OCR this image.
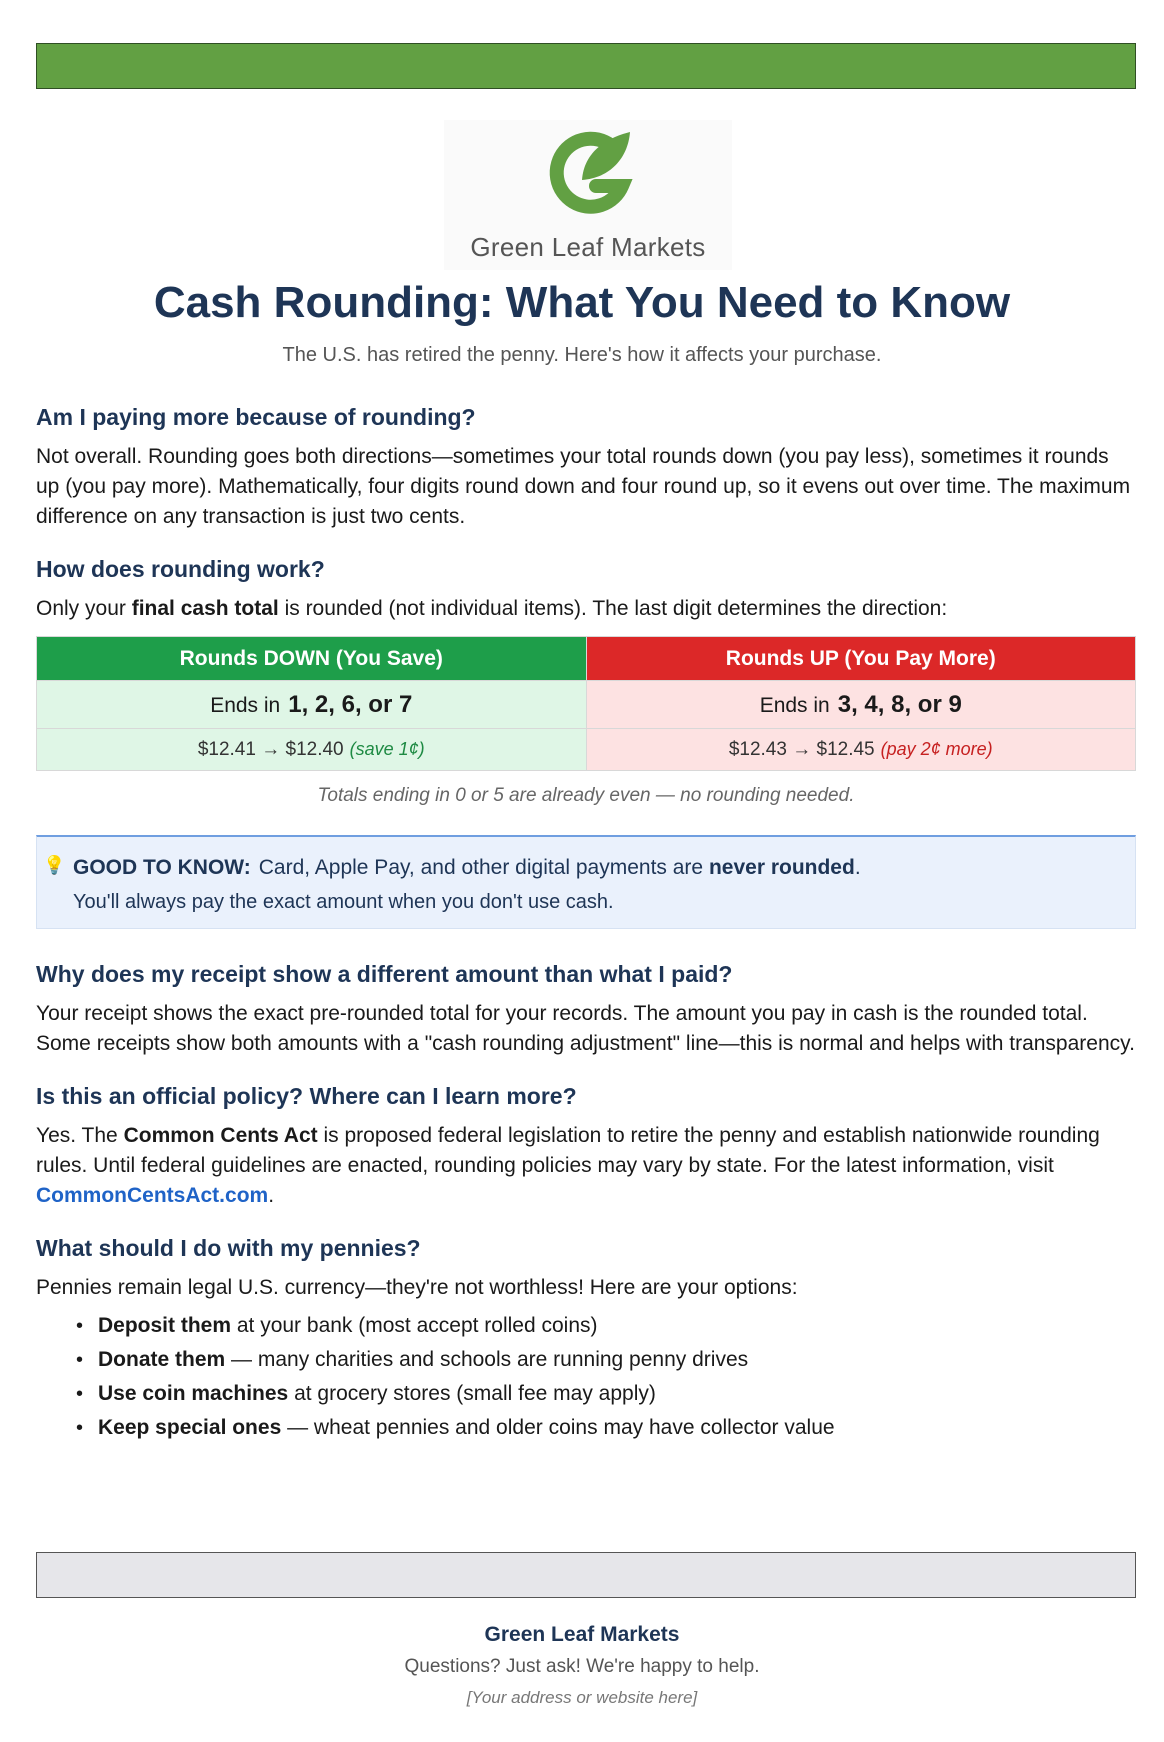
Green Leaf Markets
Cash Rounding: What You Need to Know
The U.S. has retired the penny. Here's how it affects your purchase.
Am I paying more because of rounding?

Not overall. Rounding goes both directions—sometimes your total rounds down (you pay less), sometimes it rounds up (you pay more). Mathematically, four digits round down and four round up, so it evens out over time. The maximum difference on any transaction is just two cents.

How does rounding work?

Only your final cash total is rounded (not individual items). The last digit determines the direction:

Rounds DOWN (You Save)	Rounds UP (You Pay More)
Ends in 1, 2, 6, or 7	Ends in 3, 4, 8, or 9
$12.41 → $12.40 (save 1¢)	$12.43 → $12.45 (pay 2¢ more)
Totals ending in 0 or 5 are already even — no rounding needed.
💡 GOOD TO KNOW: Card, Apple Pay, and other digital payments are never rounded.
You'll always pay the exact amount when you don't use cash.
Why does my receipt show a different amount than what I paid?

Your receipt shows the exact pre-rounded total for your records. The amount you pay in cash is the rounded total. Some receipts show both amounts with a "cash rounding adjustment" line—this is normal and helps with transparency.

Is this an official policy? Where can I learn more?

Yes. The Common Cents Act is proposed federal legislation to retire the penny and establish nationwide rounding rules. Until federal guidelines are enacted, rounding policies may vary by state. For the latest information, visit CommonCentsAct.com.

What should I do with my pennies?

Pennies remain legal U.S. currency—they're not worthless! Here are your options:

• Deposit them at your bank (most accept rolled coins)
• Donate them — many charities and schools are running penny drives
• Use coin machines at grocery stores (small fee may apply)
• Keep special ones — wheat pennies and older coins may have collector value
Green Leaf Markets
Questions? Just ask! We're happy to help.
[Your address or website here]
